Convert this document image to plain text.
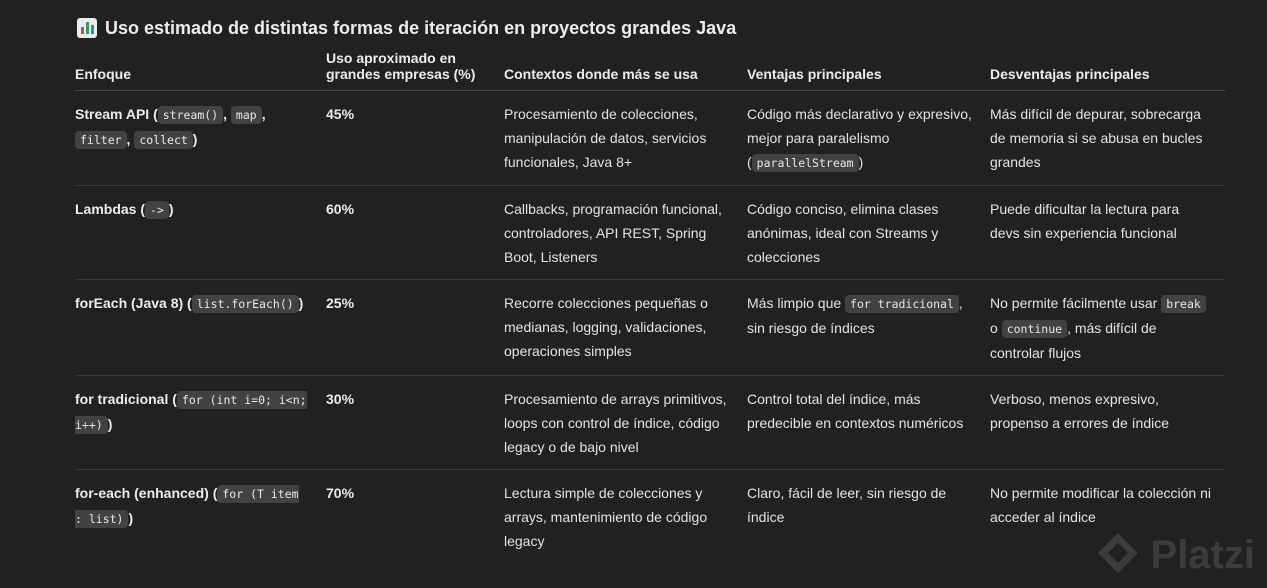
Uso estimado de distintas formas de iteración en proyectos grandes Java
Enfoque	Uso aproximado en grandes empresas (%)	Contextos donde más se usa	Ventajas principales	Desventajas principales
Stream API ( stream() , map , filter , collect )	45%	Procesamiento de colecciones, manipulación de datos, servicios funcionales, Java 8+	Código más declarativo y expresivo, mejor para paralelismo ( parallelStream )	Más difícil de depurar, sobrecarga de memoria si se abusa en bucles grandes
Lambdas ( -> )	60%	Callbacks, programación funcional, controladores, API REST, Spring Boot, Listeners	Código conciso, elimina clases anónimas, ideal con Streams y colecciones	Puede dificultar la lectura para devs sin experiencia funcional
forEach (Java 8) ( list.forEach() )	25%	Recorre colecciones pequeñas o medianas, logging, validaciones, operaciones simples	Más limpio que for tradicional , sin riesgo de índices	No permite fácilmente usar break o continue , más difícil de controlar flujos
for tradicional ( for (int i=0; i<n; i++) )	30%	Procesamiento de arrays primitivos, loops con control de índice, código legacy o de bajo nivel	Control total del índice, más predecible en contextos numéricos	Verboso, menos expresivo, propenso a errores de índice
for-each (enhanced) ( for (T item : list) )	70%	Lectura simple de colecciones y arrays, mantenimiento de código legacy	Claro, fácil de leer, sin riesgo de índice	No permite modificar la colección ni acceder al índice
Platzi
